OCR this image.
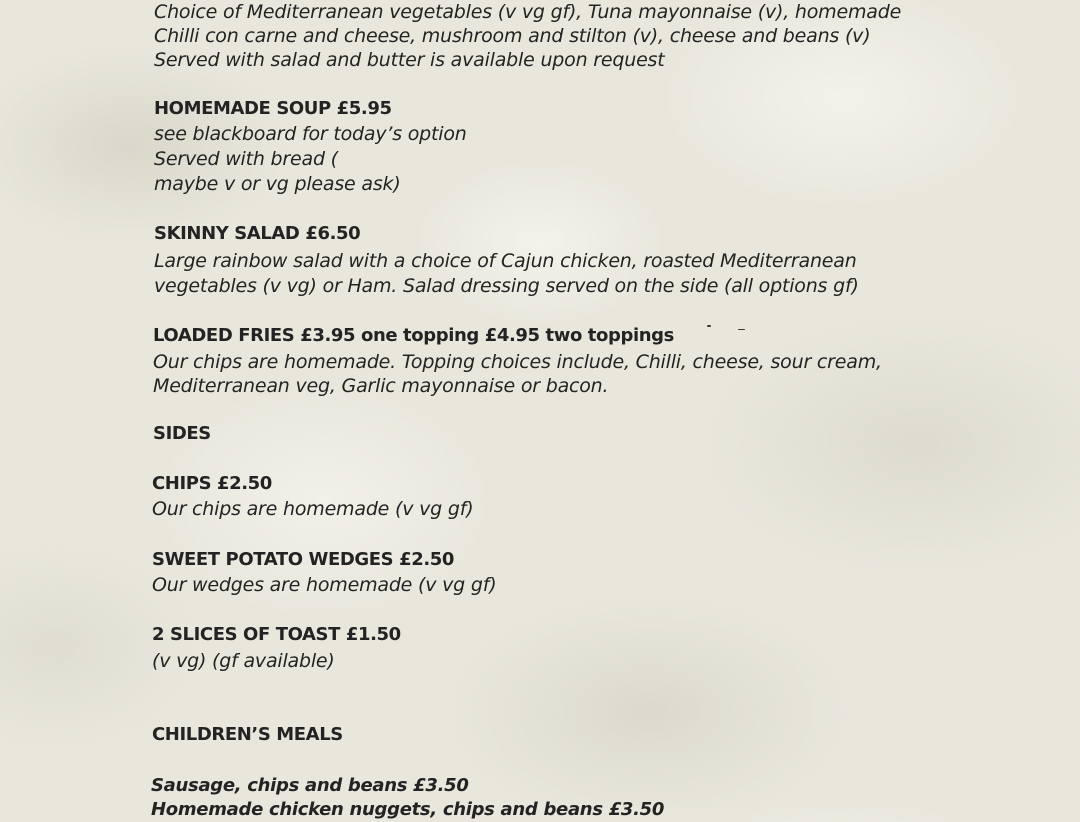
Choice of Mediterranean vegetables (v vg gf), Tuna mayonnaise (v), homemade
Chilli con carne and cheese, mushroom and stilton (v), cheese and beans (v)
Served with salad and butter is available upon request
HOMEMADE SOUP £5.95
see blackboard for today’s option
Served with bread (
maybe v or vg please ask)
SKINNY SALAD £6.50
Large rainbow salad with a choice of Cajun chicken, roasted Mediterranean
vegetables (v vg) or Ham. Salad dressing served on the side (all options gf)
LOADED FRIES £3.95 one topping £4.95 two toppings
Our chips are homemade. Topping choices include, Chilli, cheese, sour cream,
Mediterranean veg, Garlic mayonnaise or bacon.
SIDES
CHIPS £2.50
Our chips are homemade (v vg gf)
SWEET POTATO WEDGES £2.50
Our wedges are homemade (v vg gf)
2 SLICES OF TOAST £1.50
(v vg) (gf available)
CHILDREN’S MEALS
Sausage, chips and beans £3.50
Homemade chicken nuggets, chips and beans £3.50
